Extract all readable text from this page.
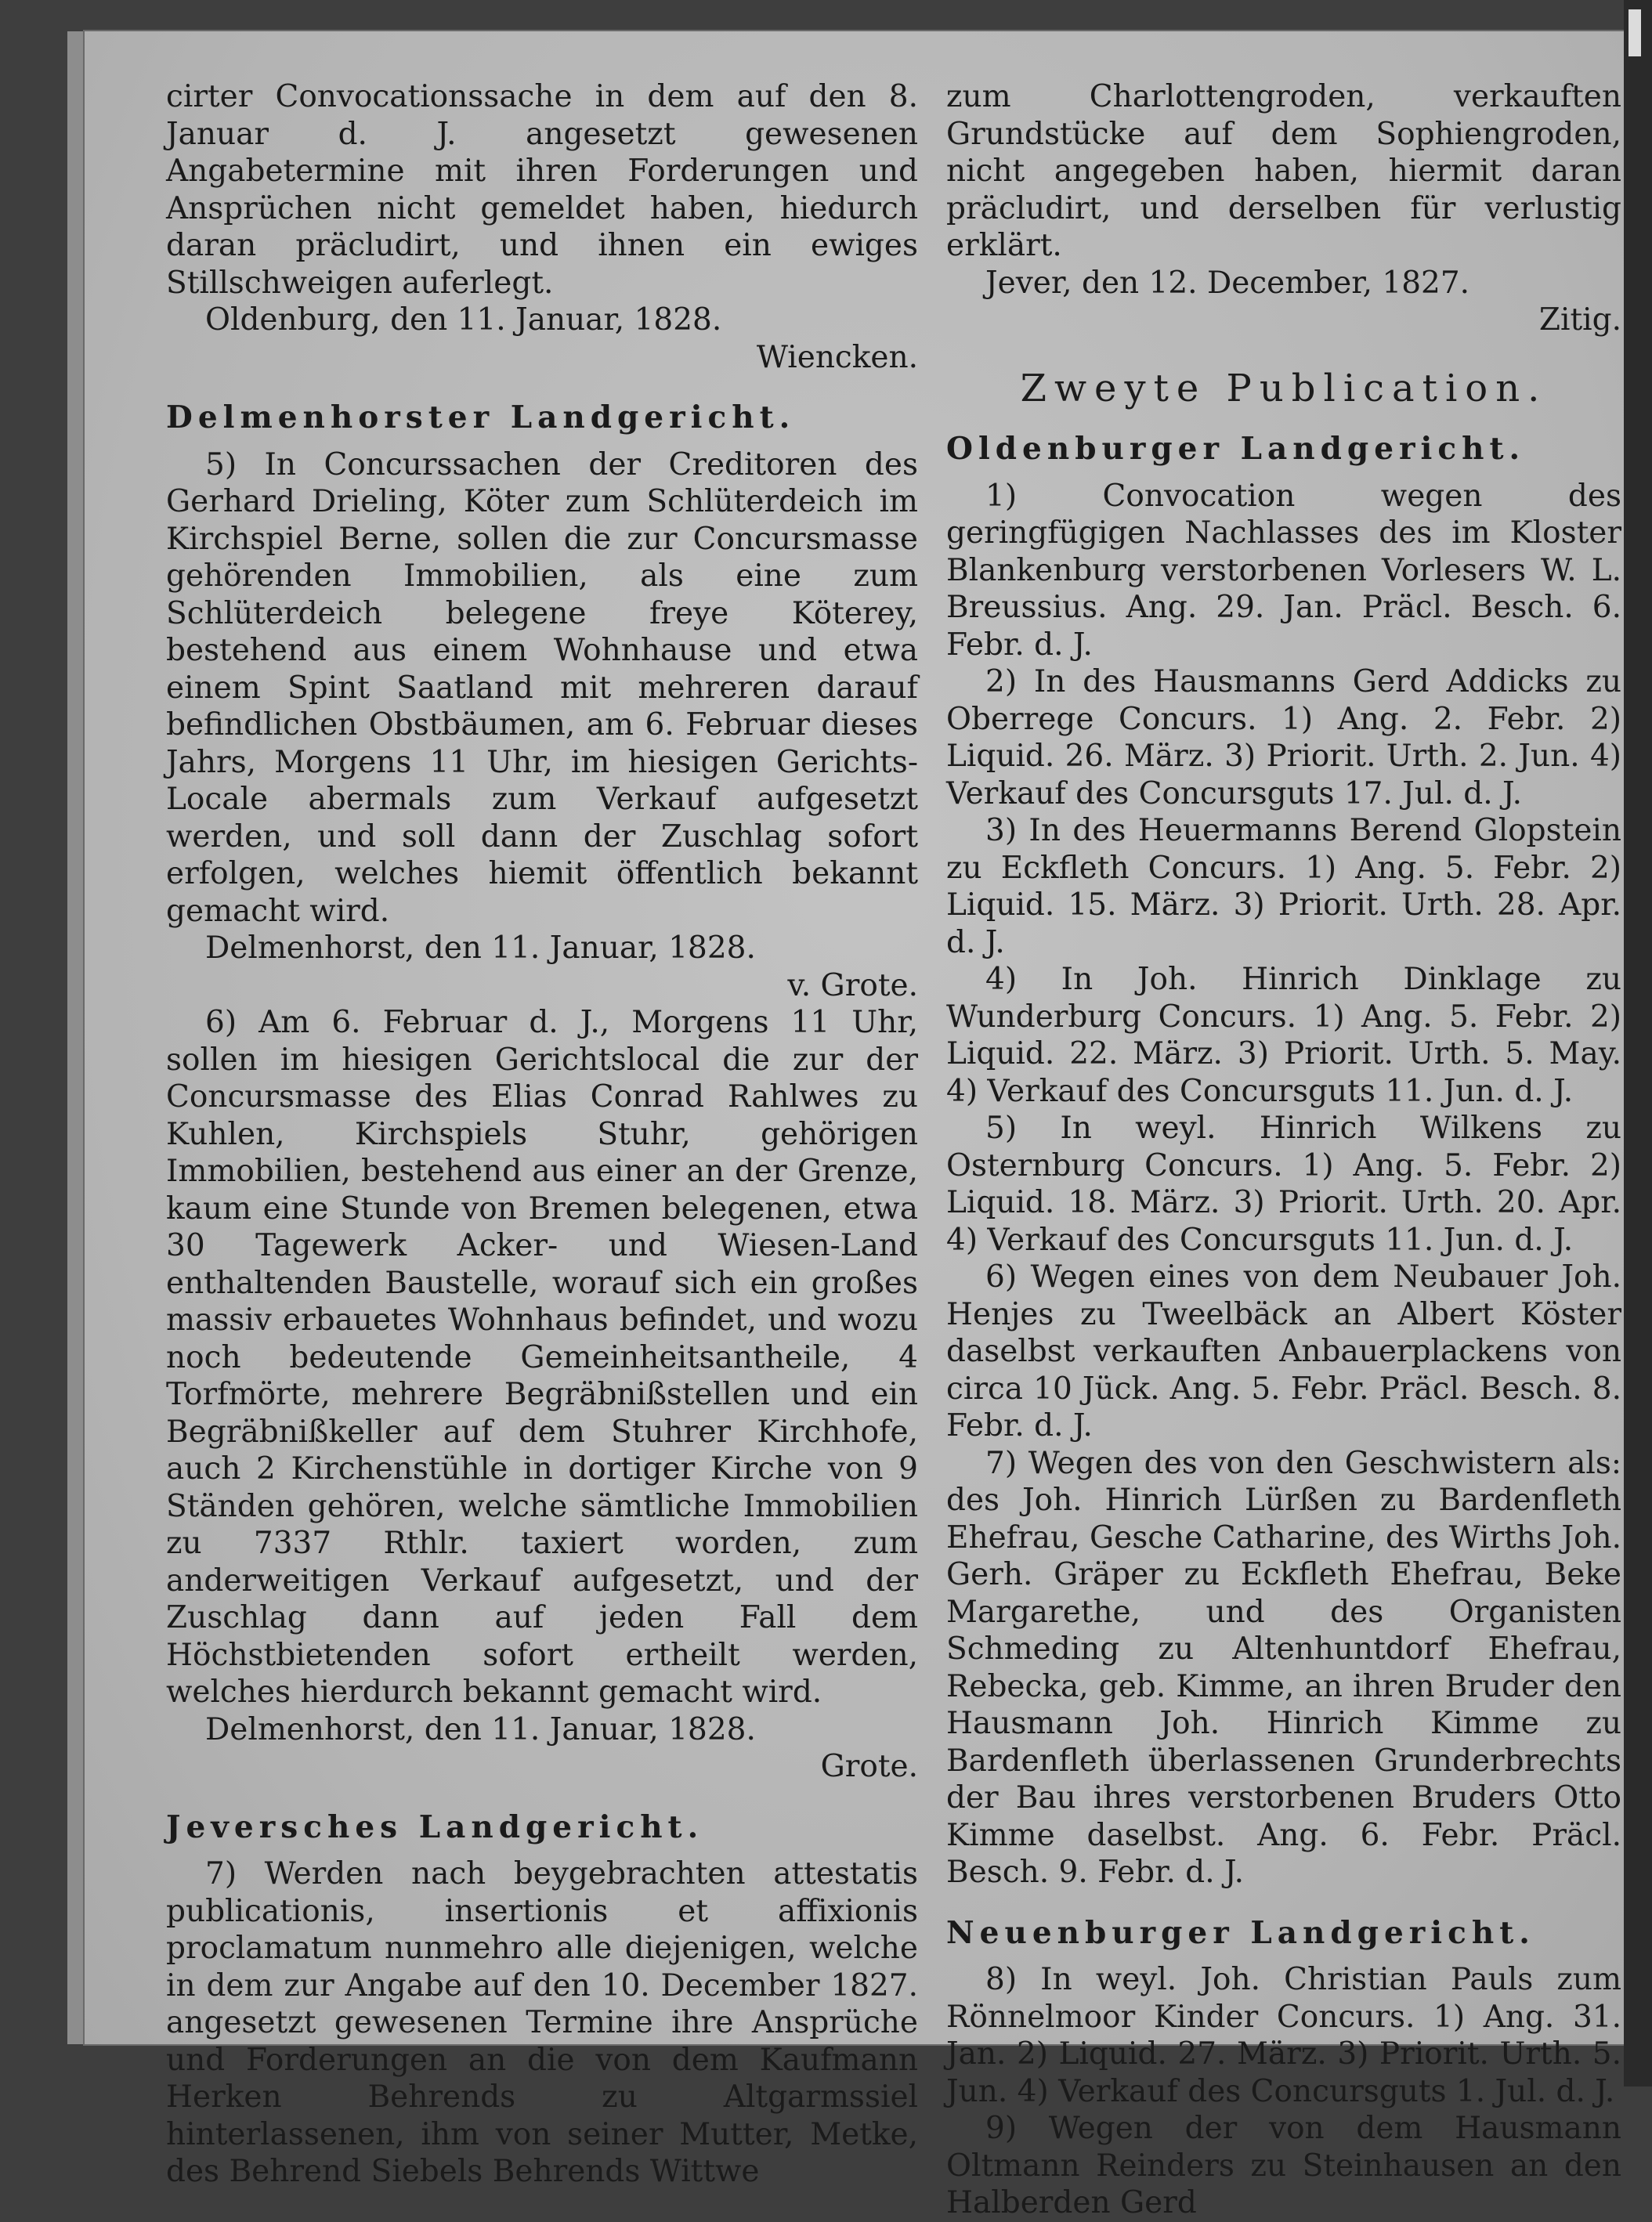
cirter Convocationssache in dem auf den 8. Januar d. J. angesetzt gewesenen Angabetermine mit ihren Forderungen und Ansprüchen nicht gemeldet haben, hiedurch daran präcludirt, und ihnen ein ewiges Stillschweigen auferlegt.

Oldenburg, den 11. Januar, 1828.

Wiencken.

Delmenhorster Landgericht.

5) In Concurssachen der Creditoren des Gerhard Drieling, Köter zum Schlüterdeich im Kirchspiel Berne, sollen die zur Concursmasse gehörenden Immobilien, als eine zum Schlüterdeich belegene freye Köterey, bestehend aus einem Wohnhause und etwa einem Spint Saatland mit mehreren darauf befindlichen Obstbäumen, am 6. Februar dieses Jahrs, Morgens 11 Uhr, im hiesigen Gerichts-Locale abermals zum Verkauf aufgesetzt werden, und soll dann der Zuschlag sofort erfolgen, welches hiemit öffentlich bekannt gemacht wird.

Delmenhorst, den 11. Januar, 1828.

v. Grote.

6) Am 6. Februar d. J., Morgens 11 Uhr, sollen im hiesigen Gerichtslocal die zur der Concursmasse des Elias Conrad Rahlwes zu Kuhlen, Kirchspiels Stuhr, gehörigen Immobilien, bestehend aus einer an der Grenze, kaum eine Stunde von Bremen belegenen, etwa 30 Tagewerk Acker- und Wiesen-Land enthaltenden Baustelle, worauf sich ein großes massiv erbauetes Wohnhaus befindet, und wozu noch bedeutende Gemeinheitsantheile, 4 Torfmörte, mehrere Begräbnißstellen und ein Begräbnißkeller auf dem Stuhrer Kirchhofe, auch 2 Kirchenstühle in dortiger Kirche von 9 Ständen gehören, welche sämtliche Immobilien zu 7337 Rthlr. taxiert worden, zum anderweitigen Verkauf aufgesetzt, und der Zuschlag dann auf jeden Fall dem Höchstbietenden sofort ertheilt werden, welches hierdurch bekannt gemacht wird.

Delmenhorst, den 11. Januar, 1828.

Grote.

Jeversches Landgericht.

7) Werden nach beygebrachten attestatis publicationis, insertionis et affixionis proclamatum nunmehro alle diejenigen, welche in dem zur Angabe auf den 10. December 1827. angesetzt gewesenen Termine ihre Ansprüche und Forderungen an die von dem Kaufmann Herken Behrends zu Altgarmssiel hinterlassenen, ihm von seiner Mutter, Metke, des Behrend Siebels Behrends Wittwe

zum Charlottengroden, verkauften Grundstücke auf dem Sophiengroden, nicht angegeben haben, hiermit daran präcludirt, und derselben für verlustig erklärt.

Jever, den 12. December, 1827.

Zitig.

Zweyte Publication.

Oldenburger Landgericht.

1) Convocation wegen des geringfügigen Nachlasses des im Kloster Blankenburg verstorbenen Vorlesers W. L. Breussius. Ang. 29. Jan. Präcl. Besch. 6. Febr. d. J.

2) In des Hausmanns Gerd Addicks zu Oberrege Concurs. 1) Ang. 2. Febr. 2) Liquid. 26. März. 3) Priorit. Urth. 2. Jun. 4) Verkauf des Concursguts 17. Jul. d. J.

3) In des Heuermanns Berend Glopstein zu Eckfleth Concurs. 1) Ang. 5. Febr. 2) Liquid. 15. März. 3) Priorit. Urth. 28. Apr. d. J.

4) In Joh. Hinrich Dinklage zu Wunderburg Concurs. 1) Ang. 5. Febr. 2) Liquid. 22. März. 3) Priorit. Urth. 5. May. 4) Verkauf des Concursguts 11. Jun. d. J.

5) In weyl. Hinrich Wilkens zu Osternburg Concurs. 1) Ang. 5. Febr. 2) Liquid. 18. März. 3) Priorit. Urth. 20. Apr. 4) Verkauf des Concursguts 11. Jun. d. J.

6) Wegen eines von dem Neubauer Joh. Henjes zu Tweelbäck an Albert Köster daselbst verkauften Anbauerplackens von circa 10 Jück. Ang. 5. Febr. Präcl. Besch. 8. Febr. d. J.

7) Wegen des von den Geschwistern als: des Joh. Hinrich Lürßen zu Bardenfleth Ehefrau, Gesche Catharine, des Wirths Joh. Gerh. Gräper zu Eckfleth Ehefrau, Beke Margarethe, und des Organisten Schmeding zu Altenhuntdorf Ehefrau, Rebecka, geb. Kimme, an ihren Bruder den Hausmann Joh. Hinrich Kimme zu Bardenfleth überlassenen Grunderbrechts der Bau ihres verstorbenen Bruders Otto Kimme daselbst. Ang. 6. Febr. Präcl. Besch. 9. Febr. d. J.

Neuenburger Landgericht.

8) In weyl. Joh. Christian Pauls zum Rönnelmoor Kinder Concurs. 1) Ang. 31. Jan. 2) Liquid. 27. März. 3) Priorit. Urth. 5. Jun. 4) Verkauf des Concursguts 1. Jul. d. J.

9) Wegen der von dem Hausmann Oltmann Reinders zu Steinhausen an den Halberden Gerd
